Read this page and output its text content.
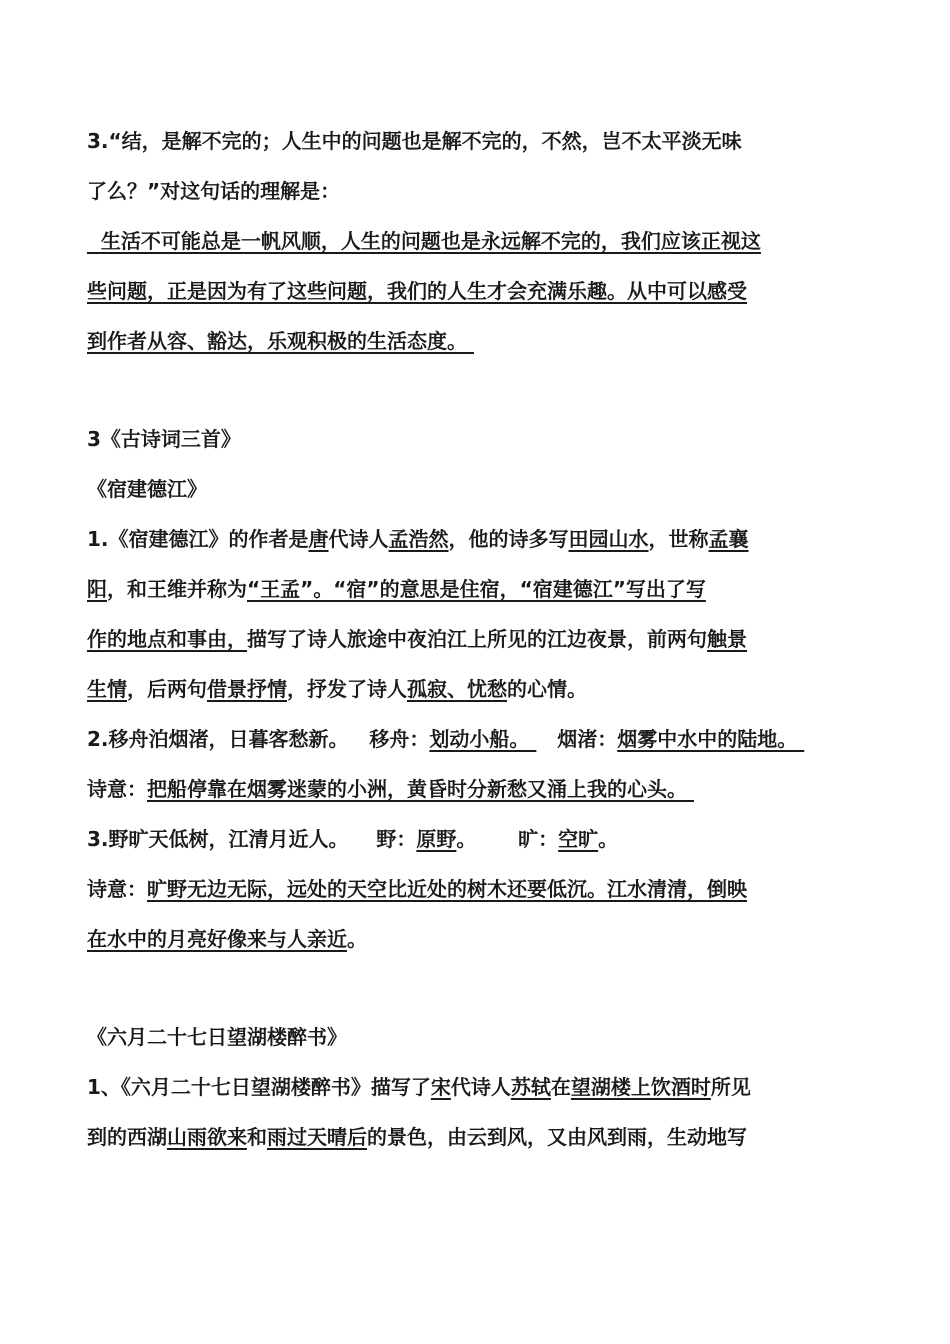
3.“结，是解不完的；人生中的问题也是解不完的，不然，岂不太平淡无味
了么？”对这句话的理解是：
生活不可能总是一帆风顺，人生的问题也是永远解不完的，我们应该正视这
些问题，正是因为有了这些问题，我们的人生才会充满乐趣。从中可以感受
到作者从容、豁达，乐观积极的生活态度。
3《古诗词三首》
《宿建德江》
1.《宿建德江》的作者是唐代诗人孟浩然，他的诗多写田园山水，世称孟襄
阳，和王维并称为“王孟”。“宿”的意思是住宿，“宿建德江”写出了写
作的地点和事由，描写了诗人旅途中夜泊江上所见的江边夜景，前两句触景
生情，后两句借景抒情，抒发了诗人孤寂、忧愁的心情。
2.移舟泊烟渚，日暮客愁新。   移舟：划动小船。    烟渚：烟雾中水中的陆地。
诗意：把船停靠在烟雾迷蒙的小洲，黄昏时分新愁又涌上我的心头。
3.野旷天低树，江清月近人。    野：原野。      旷：空旷。
诗意：旷野无边无际，远处的天空比近处的树木还要低沉。江水清清，倒映
在水中的月亮好像来与人亲近。
《六月二十七日望湖楼醉书》
1、《六月二十七日望湖楼醉书》描写了宋代诗人苏轼在望湖楼上饮酒时所见
到的西湖山雨欲来和雨过天晴后的景色，由云到风，又由风到雨，生动地写
